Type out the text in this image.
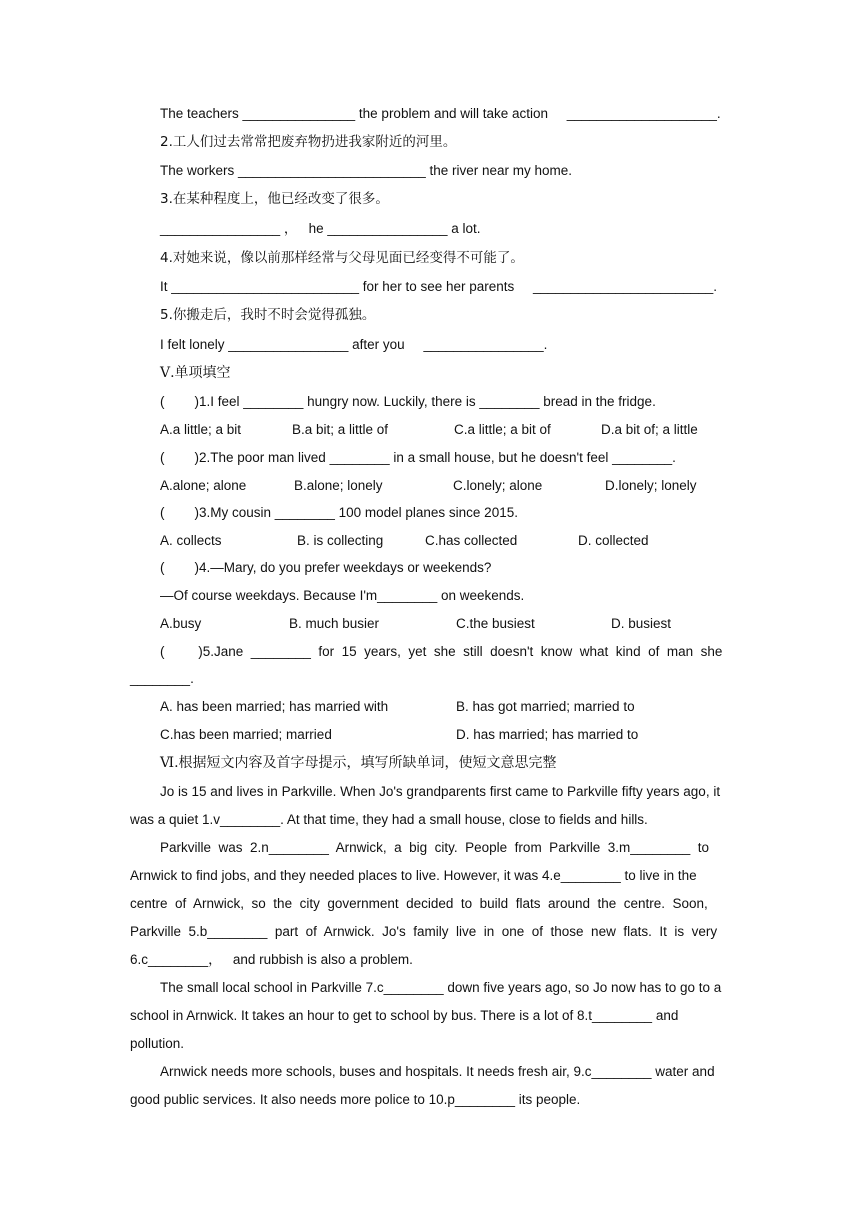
The teachers _______________ the problem and will take action     ____________________.
2.工人们过去常常把废弃物扔进我家附近的河里。
The workers _________________________ the river near my home.
3.在某种程度上，他已经改变了很多。
________________ ，   he ________________ a lot.
4.对她来说，像以前那样经常与父母见面已经变得不可能了。
It _________________________ for her to see her parents     ________________________.
5.你搬走后，我时不时会觉得孤独。
I felt lonely ________________ after you     ________________.
Ⅴ.单项填空
(        )1.I feel ________ hungry now. Luckily, there is ________ bread in the fridge.
A.a little; a bit	B.a bit; a little of	C.a little; a bit of	D.a bit of; a little
(        )2.The poor man lived ________ in a small house, but he doesn't feel ________.
A.alone; alone	B.alone; lonely	C.lonely; alone	D.lonely; lonely
(        )3.My cousin ________ 100 model planes since 2015.
A. collects	B. is collecting	C.has collected	D. collected
(        )4.—Mary, do you prefer weekdays or weekends?
—Of course weekdays. Because I'm________ on weekends.
A.busy	B. much busier	C.the busiest	D. busiest
(         )5.Jane  ________  for  15  years,  yet  she  still  doesn't  know  what  kind  of  man  she
________.
A. has been married; has married with	B. has got married; married to
C.has been married; married	D. has married; has married to
Ⅵ.根据短文内容及首字母提示，填写所缺单词，使短文意思完整
Jo is 15 and lives in Parkville. When Jo's grandparents first came to Parkville fifty years ago, it
was a quiet 1.v________. At that time, they had a small house, close to fields and hills.
Parkville  was  2.n________  Arnwick,  a  big  city.  People  from  Parkville  3.m________  to
Arnwick to find jobs, and they needed places to live. However, it was 4.e________ to live in the
centre  of  Arnwick,  so  the  city  government  decided  to  build  flats  around  the  centre.  Soon,
Parkville  5.b________  part  of  Arnwick.  Jo's  family  live  in  one  of  those  new  flats.  It  is  very
6.c________，   and rubbish is also a problem.
The small local school in Parkville 7.c________ down five years ago, so Jo now has to go to a
school in Arnwick. It takes an hour to get to school by bus. There is a lot of 8.t________ and
pollution.
Arnwick needs more schools, buses and hospitals. It needs fresh air, 9.c________ water and
good public services. It also needs more police to 10.p________ its people.
